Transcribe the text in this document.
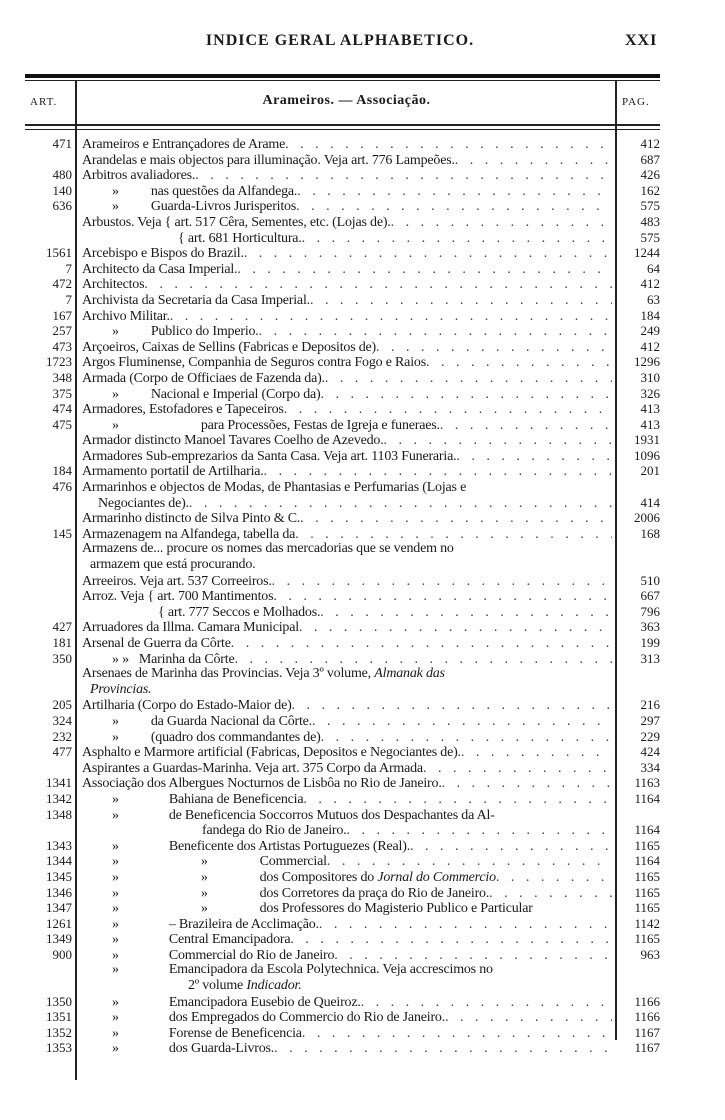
INDICE GERAL ALPHABETICO.	XXI
ART.	Arameiros. — Associação.	PAG.
471 Arameiros e Entrançadores de Arame . . .	412
Arandelas e mais objectos para illuminação. Veja art. 776 Lampeões. . . .	687
480 Arbitros avaliadores. . . .	426
140	» nas questões da Alfandega. . . .	162
636	» Guarda-Livros Jurisperitos . . .	575
Arbustos. Veja { art. 517 Cêra, Sementes, etc. (Lojas de). . . .	483
{ art. 681 Horticultura. . . .	575
1561 Arcebispo e Bispos do Brazil. . . .	1244
7 Architecto da Casa Imperial. . . .	64
472 Architectos . . .	412
7 Archivista da Secretaria da Casa Imperial. . . .	63
167 Archivo Militar. . . .	184
257	» Publico do Imperio. . . .	249
473 Arçoeiros, Caixas de Sellins (Fabricas e Depositos de) . . .	412
1723 Argos Fluminense, Companhia de Seguros contra Fogo e Raios . . .	1296
348 Armada (Corpo de Officiaes de Fazenda da). . . .	310
375	» Nacional e Imperial (Corpo da) . . .	326
474 Armadores, Estofadores e Tapeceiros . . .	413
475	»	para Processões, Festas de Igreja e funeraes. . . .	413
Armador distincto Manoel Tavares Coelho de Azevedo. . . .	1931
Armadores Sub-emprezarios da Santa Casa. Veja art. 1103 Funeraria. . . .	1096
184 Armamento portatil de Artilharia. . . .	201
476 Armarinhos e objectos de Modas, de Phantasias e Perfumarias (Lojas e
Negociantes de). . . .	414
Armarinho distincto de Silva Pinto & C. . . .	2006
145 Armazenagem na Alfandega, tabella da . . .	168
Armazens de... procure os nomes das mercadorias que se vendem no
armazem que está procurando.
Arreeiros. Veja art. 537 Correeiros. . . .	510
Arroz. Veja { art. 700 Mantimentos . . .	667
{ art. 777 Seccos e Molhados. . . .	796
427 Arruadores da Illma. Camara Municipal . . .	363
181 Arsenal de Guerra da Côrte . . .	199
350	» » Marinha da Côrte . . .	313
Arsenaes de Marinha das Provincias. Veja 3º volume, Almanak das
Provincias.
205 Artilharia (Corpo do Estado-Maior de) . . .	216
324	» da Guarda Nacional da Côrte. . . .	297
232	» (quadro dos commandantes de) . . .	229
477 Asphalto e Marmore artificial (Fabricas, Depositos e Negociantes de). . . .	424
Aspirantes a Guardas-Marinha. Veja art. 375 Corpo da Armada . . .	334
1341 Associação dos Albergues Nocturnos de Lisbôa no Rio de Janeiro. . . .	1163
1342	»	Bahiana de Beneficencia . . .	1164
1348	»	de Beneficencia Soccorros Mutuos dos Despachantes da Al-
fandega do Rio de Janeiro. . . .	1164
1343	»	Beneficente dos Artistas Portuguezes (Real). . . .	1165
1344	»	»	Commercial . . .	1164
1345	»	»	dos Compositores do Jornal do Commercio . . .	1165
1346	»	»	dos Corretores da praça do Rio de Janeiro. . . .	1165
1347	»	»	dos Professores do Magisterio Publico e Particular	1165
1261	»	– Brazileira de Acclimação. . . .	1142
1349	»	Central Emancipadora . . .	1165
900	»	Commercial do Rio de Janeiro . . .	963
»	Emancipadora da Escola Polytechnica. Veja accrescimos no
2º volume Indicador.
1350	»	Emancipadora Eusebio de Queiroz. . . .	1166
1351	»	dos Empregados do Commercio do Rio de Janeiro. . . .	1166
1352	»	Forense de Beneficencia . . .	1167
1353	»	dos Guarda-Livros. . . .	1167
